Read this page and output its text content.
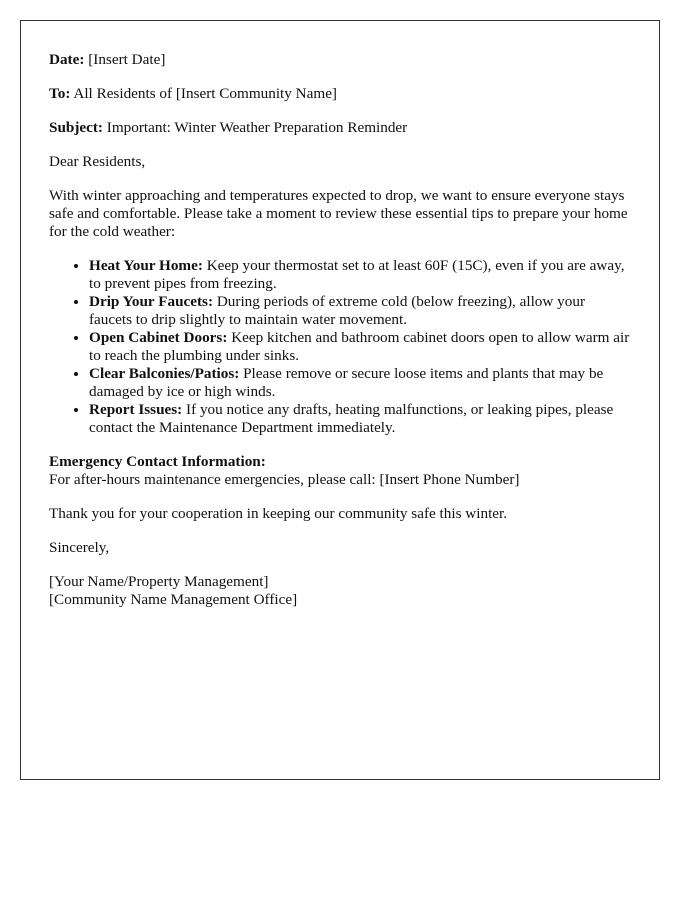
Date: [Insert Date]

To: All Residents of [Insert Community Name]

Subject: Important: Winter Weather Preparation Reminder

Dear Residents,

With winter approaching and temperatures expected to drop, we want to ensure everyone stays safe and comfortable. Please take a moment to review these essential tips to prepare your home for the cold weather:

• Heat Your Home: Keep your thermostat set to at least 60F (15C), even if you are away, to prevent pipes from freezing.
• Drip Your Faucets: During periods of extreme cold (below freezing), allow your faucets to drip slightly to maintain water movement.
• Open Cabinet Doors: Keep kitchen and bathroom cabinet doors open to allow warm air to reach the plumbing under sinks.
• Clear Balconies/Patios: Please remove or secure loose items and plants that may be damaged by ice or high winds.
• Report Issues: If you notice any drafts, heating malfunctions, or leaking pipes, please contact the Maintenance Department immediately.

Emergency Contact Information:
For after-hours maintenance emergencies, please call: [Insert Phone Number]

Thank you for your cooperation in keeping our community safe this winter.

Sincerely,

[Your Name/Property Management]
[Community Name Management Office]
